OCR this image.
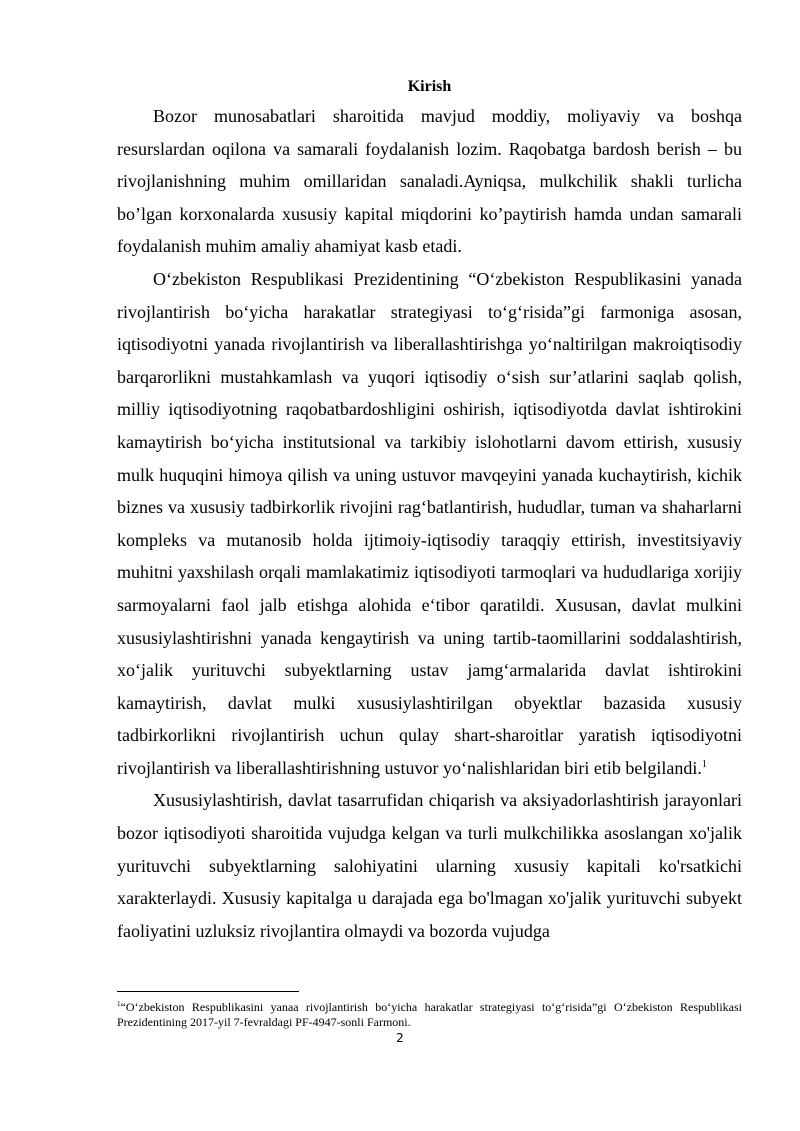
Kirish

Bozor munosabatlari sharoitida mavjud moddiy, moliyaviy va boshqa resurslardan oqilona va samarali foydalanish lozim. Raqobatga bardosh berish – bu rivojlanishning muhim omillaridan sanaladi.Ayniqsa, mulkchilik shakli turlicha bo’lgan korxonalarda xususiy kapital miqdorini ko’paytirish hamda undan samarali foydalanish muhim amaliy ahamiyat kasb etadi.

O‘zbekiston Respublikasi Prezidentining “O‘zbekiston Respublikasini yanada rivojlantirish bo‘yicha harakatlar strategiyasi to‘g‘risida”gi farmoniga asosan, iqtisodiyotni yanada rivojlantirish va liberallashtirishga yo‘naltirilgan makroiqtisodiy barqarorlikni mustahkamlash va yuqori iqtisodiy o‘sish sur’atlarini saqlab qolish, milliy iqtisodiyotning raqobatbardoshligini oshirish, iqtisodiyotda davlat ishtirokini kamaytirish bo‘yicha institutsional va tarkibiy islohotlarni davom ettirish, xususiy mulk huquqini himoya qilish va uning ustuvor mavqeyini yanada kuchaytirish, kichik biznes va xususiy tadbirkorlik rivojini rag‘batlantirish, hududlar, tuman va shaharlarni kompleks va mutanosib holda ijtimoiy-iqtisodiy taraqqiy ettirish, investitsiyaviy muhitni yaxshilash orqali mamlakatimiz iqtisodiyoti tarmoqlari va hududlariga xorijiy sarmoyalarni faol jalb etishga alohida e‘tibor qaratildi. Xususan, davlat mulkini xususiylashtirishni yanada kengaytirish va uning tartib-taomillarini soddalashtirish, xo‘jalik yurituvchi subyektlarning ustav jamg‘armalarida davlat ishtirokini kamaytirish, davlat mulki xususiylashtirilgan obyektlar bazasida xususiy tadbirkorlikni rivojlantirish uchun qulay shart-sharoitlar yaratish iqtisodiyotni rivojlantirish va liberallashtirishning ustuvor yo‘nalishlaridan biri etib belgilandi.$^1$

Xususiylashtirish, davlat tasarrufidan chiqarish va aksiyadorlashtirish jarayonlari bozor iqtisodiyoti sharoitida vujudga kelgan va turli mulkchilikka asoslangan xo'jalik yurituvchi subyektlarning salohiyatini ularning xususiy kapitali ko'rsatkichi xarakterlaydi. Xususiy kapitalga u darajada ega bo'lmagan xo'jalik yurituvchi subyekt faoliyatini uzluksiz rivojlantira olmaydi va bozorda vujudga

$^1$“O‘zbekiston Respublikasini yanaa rivojlantirish bo‘yicha harakatlar strategiyasi to‘g‘risida”gi O‘zbekiston Respublikasi Prezidentining 2017-yil 7-fevraldagi PF-4947-sonli Farmoni.
2
